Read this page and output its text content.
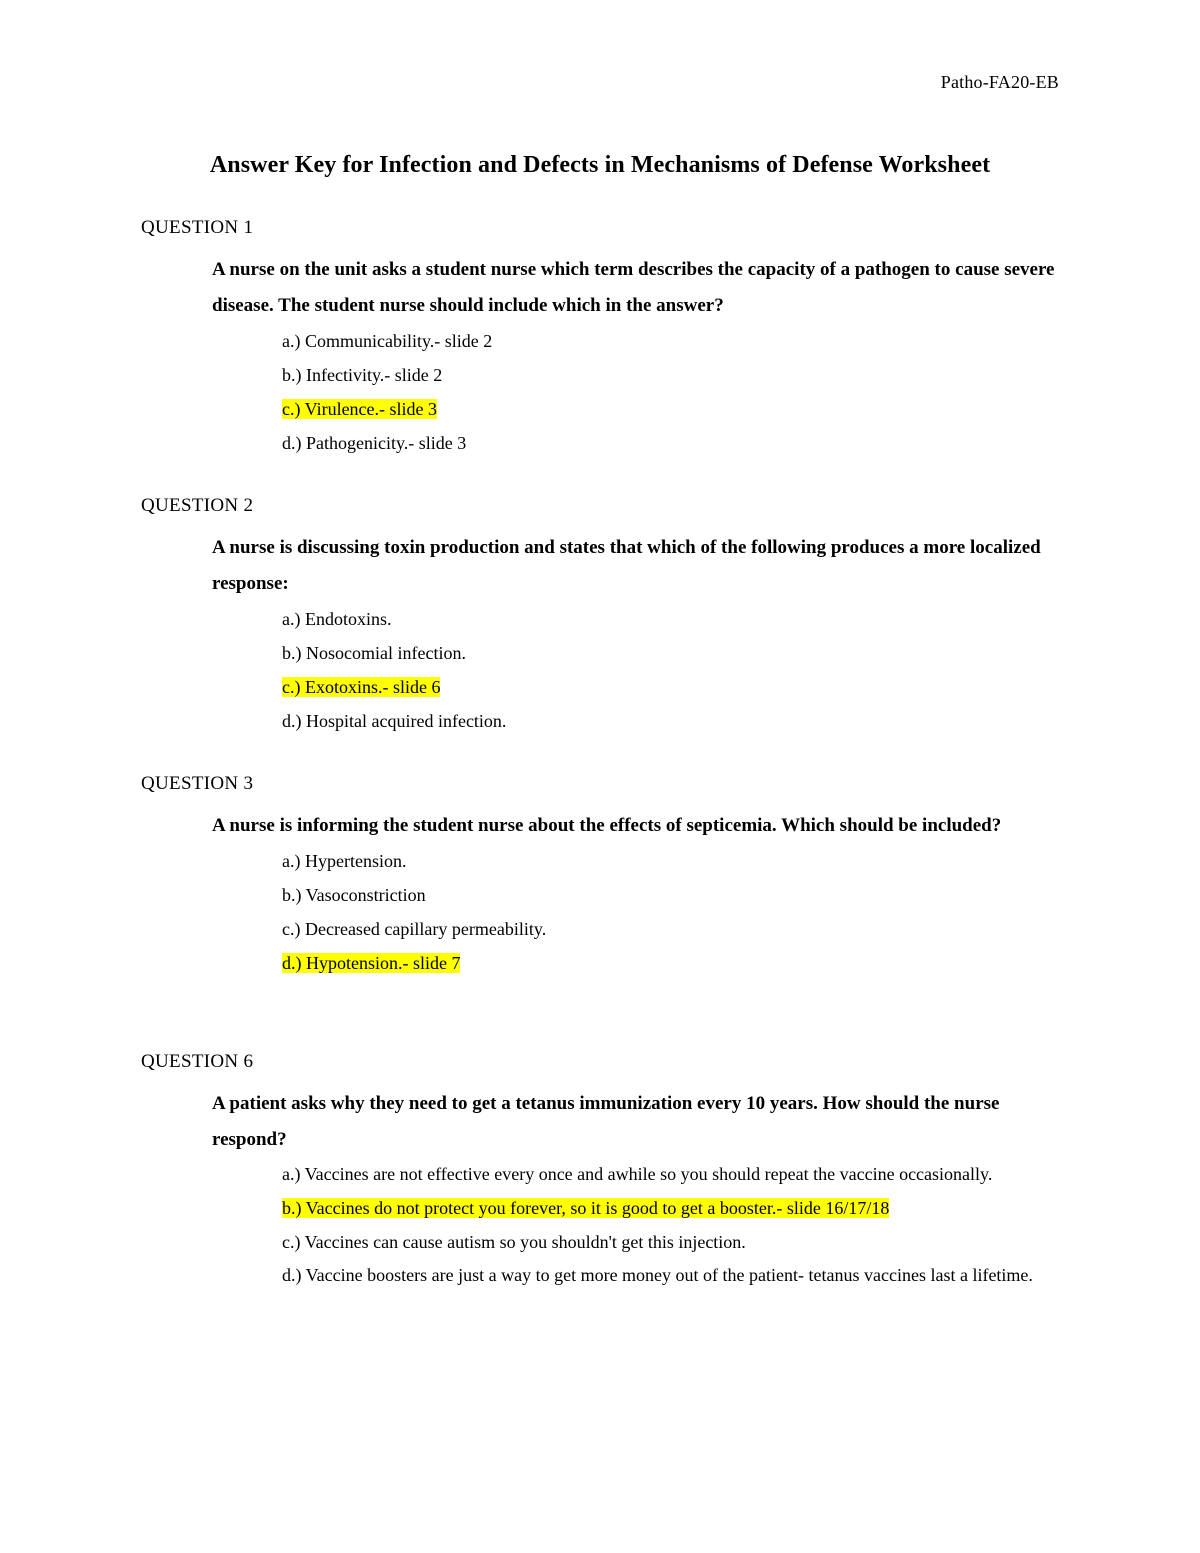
Patho-FA20-EB
Answer Key for Infection and Defects in Mechanisms of Defense Worksheet
QUESTION 1
A nurse on the unit asks a student nurse which term describes the capacity of a pathogen to cause severe disease. The student nurse should include which in the answer?
a.) Communicability.- slide 2
b.) Infectivity.- slide 2
c.) Virulence.- slide 3
d.) Pathogenicity.- slide 3
QUESTION 2
A nurse is discussing toxin production and states that which of the following produces a more localized response:
a.) Endotoxins.
b.) Nosocomial infection.
c.) Exotoxins.- slide 6
d.) Hospital acquired infection.
QUESTION 3
A nurse is informing the student nurse about the effects of septicemia. Which should be included?
a.) Hypertension.
b.) Vasoconstriction
c.) Decreased capillary permeability.
d.) Hypotension.- slide 7
QUESTION 6
A patient asks why they need to get a tetanus immunization every 10 years. How should the nurse respond?
a.) Vaccines are not effective every once and awhile so you should repeat the vaccine occasionally.
b.) Vaccines do not protect you forever, so it is good to get a booster.- slide 16/17/18
c.) Vaccines can cause autism so you shouldn't get this injection.
d.) Vaccine boosters are just a way to get more money out of the patient- tetanus vaccines last a lifetime.
